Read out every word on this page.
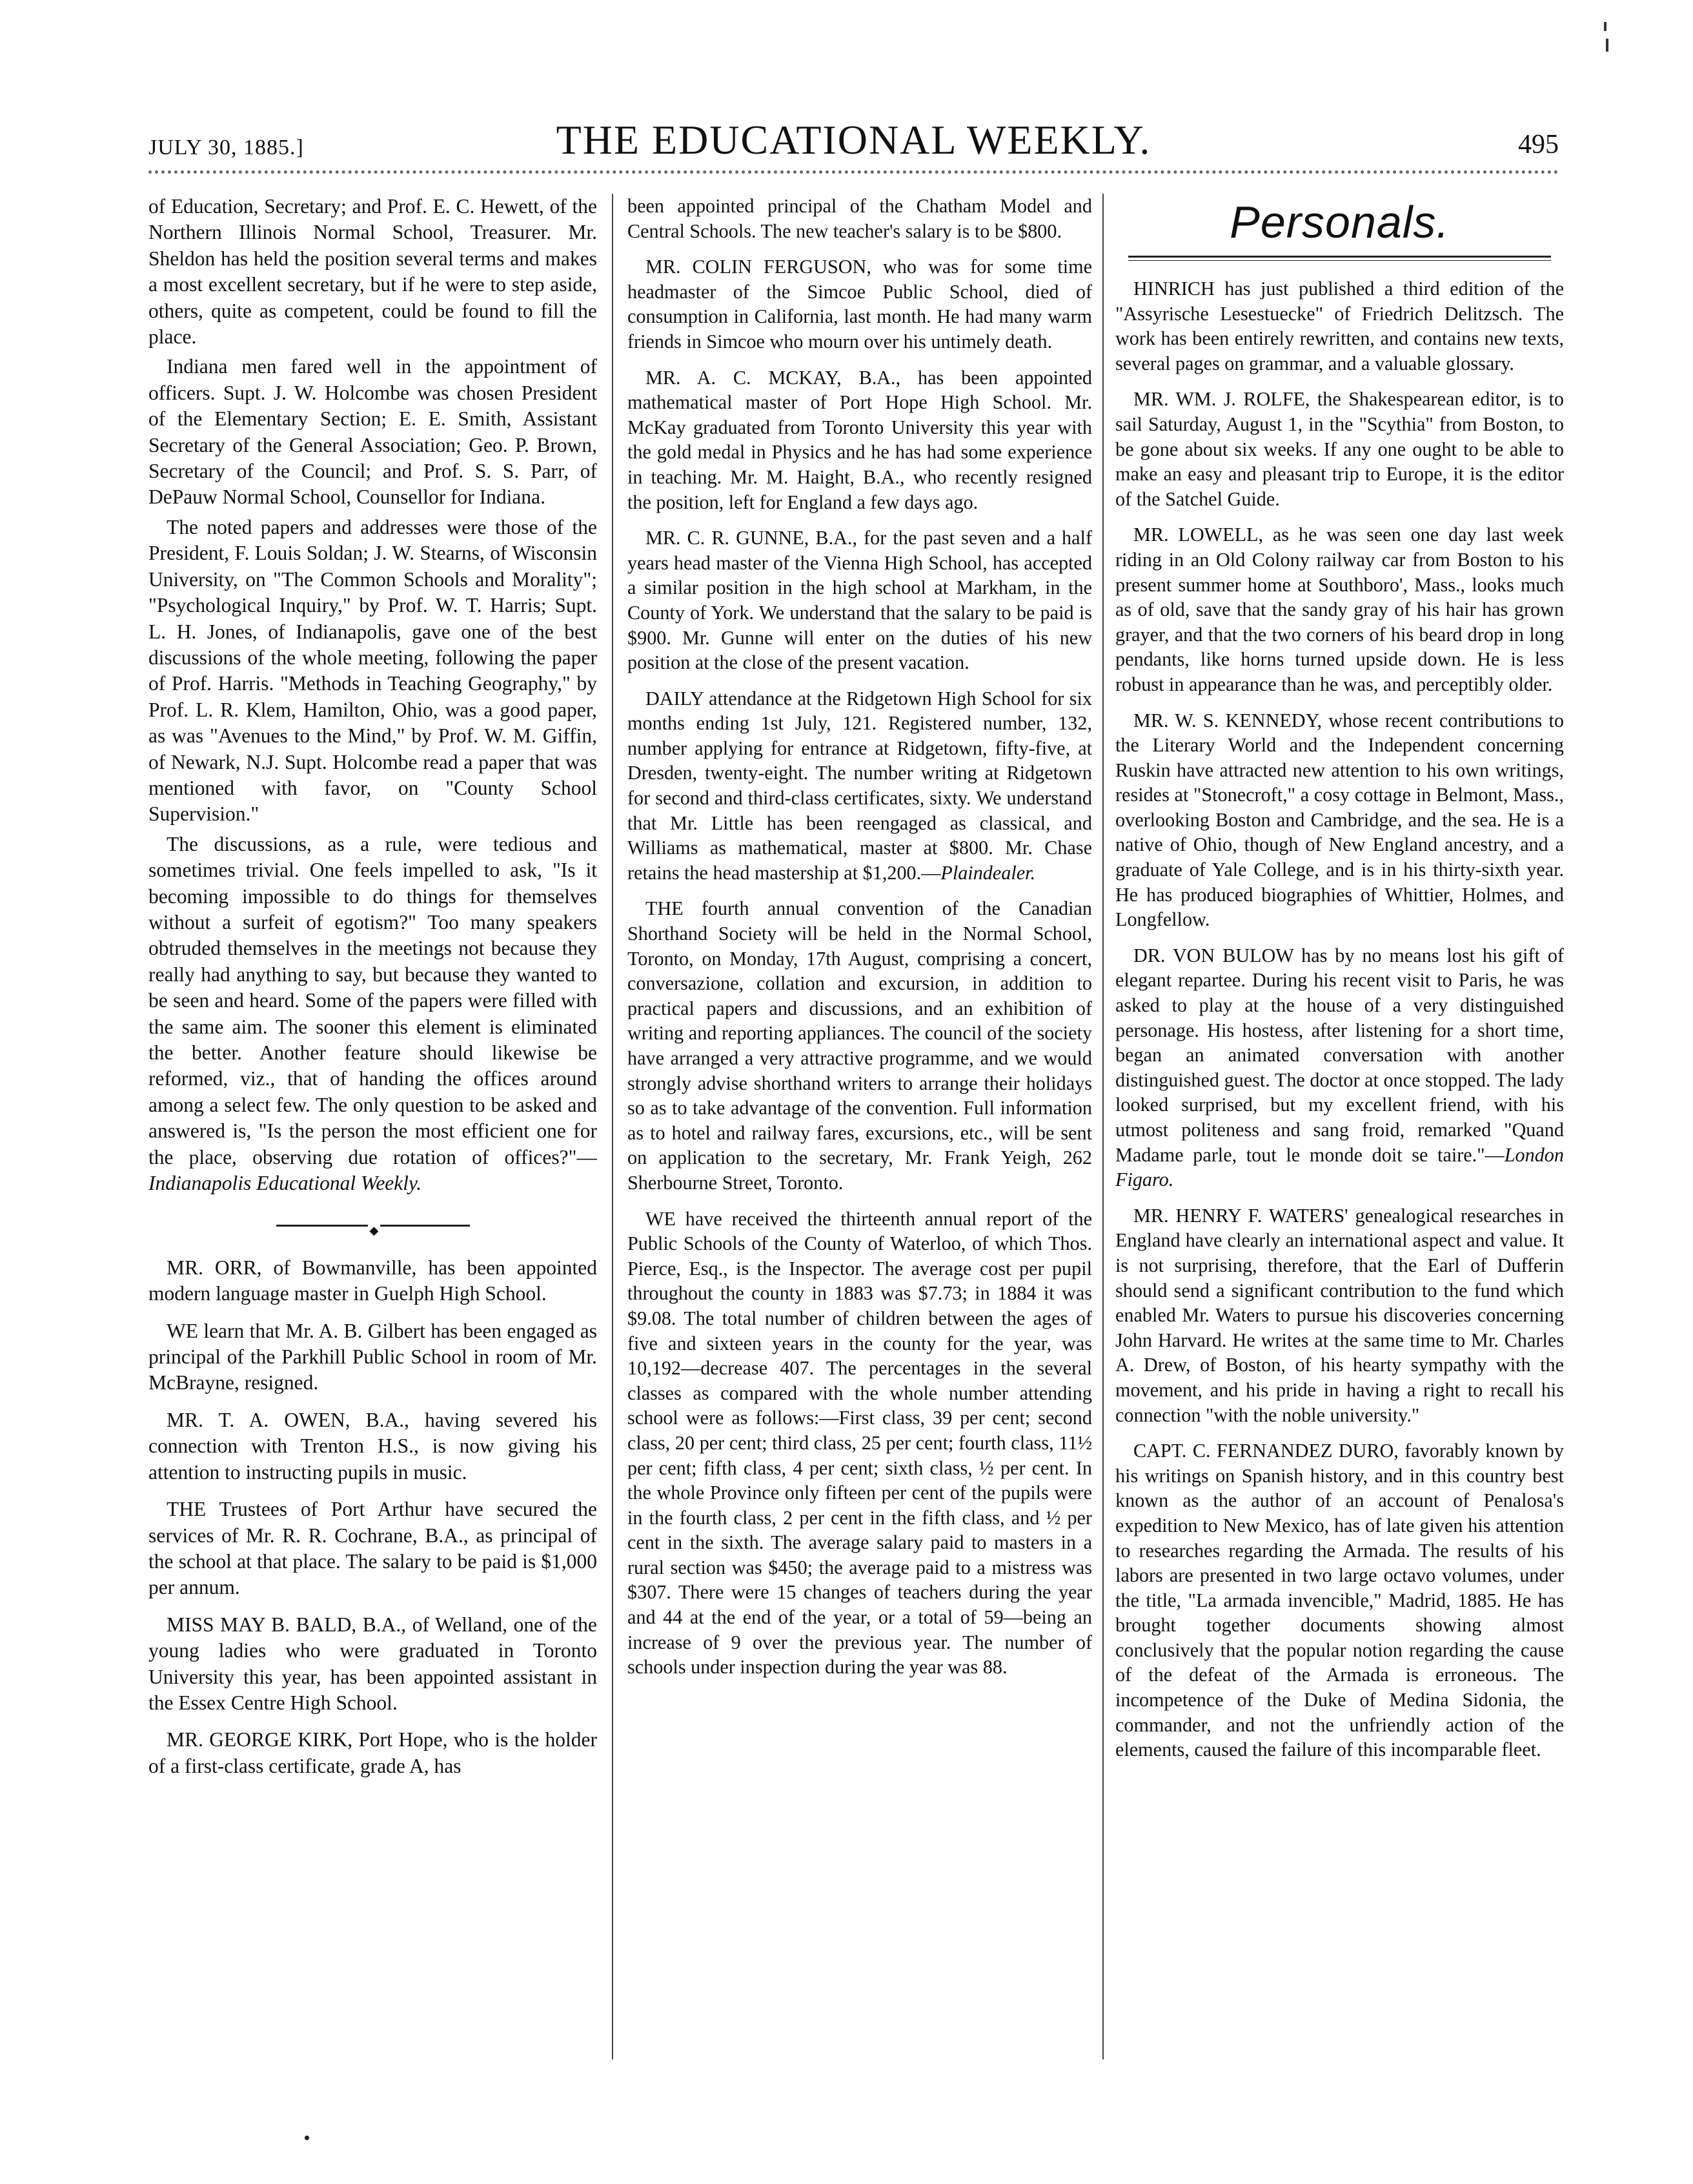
JULY 30, 1885.]	THE EDUCATIONAL WEEKLY.	495

of Education, Secretary; and Prof. E. C. Hewett, of the Northern Illinois Normal School, Treasurer. Mr. Sheldon has held the position several terms and makes a most excellent secretary, but if he were to step aside, others, quite as competent, could be found to fill the place.

Indiana men fared well in the appointment of officers. Supt. J. W. Holcombe was chosen President of the Elementary Section; E. E. Smith, Assistant Secretary of the General Association; Geo. P. Brown, Secretary of the Council; and Prof. S. S. Parr, of DePauw Normal School, Counsellor for Indiana.

The noted papers and addresses were those of the President, F. Louis Soldan; J. W. Stearns, of Wisconsin University, on "The Common Schools and Morality"; "Psychological Inquiry," by Prof. W. T. Harris; Supt. L. H. Jones, of Indianapolis, gave one of the best discussions of the whole meeting, following the paper of Prof. Harris. "Methods in Teaching Geography," by Prof. L. R. Klem, Hamilton, Ohio, was a good paper, as was "Avenues to the Mind," by Prof. W. M. Giffin, of Newark, N.J. Supt. Holcombe read a paper that was mentioned with favor, on "County School Supervision."

The discussions, as a rule, were tedious and sometimes trivial. One feels impelled to ask, "Is it becoming impossible to do things for themselves without a surfeit of egotism?" Too many speakers obtruded themselves in the meetings not because they really had anything to say, but because they wanted to be seen and heard. Some of the papers were filled with the same aim. The sooner this element is eliminated the better. Another feature should likewise be reformed, viz., that of handing the offices around among a select few. The only question to be asked and answered is, "Is the person the most efficient one for the place, observing due rotation of offices?"—Indianapolis Educational Weekly.

◆

MR. ORR, of Bowmanville, has been appointed modern language master in Guelph High School.

WE learn that Mr. A. B. Gilbert has been engaged as principal of the Parkhill Public School in room of Mr. McBrayne, resigned.

MR. T. A. OWEN, B.A., having severed his connection with Trenton H.S., is now giving his attention to instructing pupils in music.

THE Trustees of Port Arthur have secured the services of Mr. R. R. Cochrane, B.A., as principal of the school at that place. The salary to be paid is $1,000 per annum.

MISS MAY B. BALD, B.A., of Welland, one of the young ladies who were graduated in Toronto University this year, has been appointed assistant in the Essex Centre High School.

MR. GEORGE KIRK, Port Hope, who is the holder of a first-class certificate, grade A, has

been appointed principal of the Chatham Model and Central Schools. The new teacher's salary is to be $800.

MR. COLIN FERGUSON, who was for some time headmaster of the Simcoe Public School, died of consumption in California, last month. He had many warm friends in Simcoe who mourn over his untimely death.

MR. A. C. MCKAY, B.A., has been appointed mathematical master of Port Hope High School. Mr. McKay graduated from Toronto University this year with the gold medal in Physics and he has had some experience in teaching. Mr. M. Haight, B.A., who recently resigned the position, left for England a few days ago.

MR. C. R. GUNNE, B.A., for the past seven and a half years head master of the Vienna High School, has accepted a similar position in the high school at Markham, in the County of York. We understand that the salary to be paid is $900. Mr. Gunne will enter on the duties of his new position at the close of the present vacation.

DAILY attendance at the Ridgetown High School for six months ending 1st July, 121. Registered number, 132, number applying for entrance at Ridgetown, fifty-five, at Dresden, twenty-eight. The number writing at Ridgetown for second and third-class certificates, sixty. We understand that Mr. Little has been reengaged as classical, and Williams as mathematical, master at $800. Mr. Chase retains the head mastership at $1,200.—Plaindealer.

THE fourth annual convention of the Canadian Shorthand Society will be held in the Normal School, Toronto, on Monday, 17th August, comprising a concert, conversazione, collation and excursion, in addition to practical papers and discussions, and an exhibition of writing and reporting appliances. The council of the society have arranged a very attractive programme, and we would strongly advise shorthand writers to arrange their holidays so as to take advantage of the convention. Full information as to hotel and railway fares, excursions, etc., will be sent on application to the secretary, Mr. Frank Yeigh, 262 Sherbourne Street, Toronto.

WE have received the thirteenth annual report of the Public Schools of the County of Waterloo, of which Thos. Pierce, Esq., is the Inspector. The average cost per pupil throughout the county in 1883 was $7.73; in 1884 it was $9.08. The total number of children between the ages of five and sixteen years in the county for the year, was 10,192—decrease 407. The percentages in the several classes as compared with the whole number attending school were as follows:—First class, 39 per cent; second class, 20 per cent; third class, 25 per cent; fourth class, 11½ per cent; fifth class, 4 per cent; sixth class, ½ per cent. In the whole Province only fifteen per cent of the pupils were in the fourth class, 2 per cent in the fifth class, and ½ per cent in the sixth. The average salary paid to masters in a rural section was $450; the average paid to a mistress was $307. There were 15 changes of teachers during the year and 44 at the end of the year, or a total of 59—being an increase of 9 over the previous year. The number of schools under inspection during the year was 88.

Personals.

HINRICH has just published a third edition of the "Assyrische Lesestuecke" of Friedrich Delitzsch. The work has been entirely rewritten, and contains new texts, several pages on grammar, and a valuable glossary.

MR. WM. J. ROLFE, the Shakespearean editor, is to sail Saturday, August 1, in the "Scythia" from Boston, to be gone about six weeks. If any one ought to be able to make an easy and pleasant trip to Europe, it is the editor of the Satchel Guide.

MR. LOWELL, as he was seen one day last week riding in an Old Colony railway car from Boston to his present summer home at Southboro', Mass., looks much as of old, save that the sandy gray of his hair has grown grayer, and that the two corners of his beard drop in long pendants, like horns turned upside down. He is less robust in appearance than he was, and perceptibly older.

MR. W. S. KENNEDY, whose recent contributions to the Literary World and the Independent concerning Ruskin have attracted new attention to his own writings, resides at "Stonecroft," a cosy cottage in Belmont, Mass., overlooking Boston and Cambridge, and the sea. He is a native of Ohio, though of New England ancestry, and a graduate of Yale College, and is in his thirty-sixth year. He has produced biographies of Whittier, Holmes, and Longfellow.

DR. VON BULOW has by no means lost his gift of elegant repartee. During his recent visit to Paris, he was asked to play at the house of a very distinguished personage. His hostess, after listening for a short time, began an animated conversation with another distinguished guest. The doctor at once stopped. The lady looked surprised, but my excellent friend, with his utmost politeness and sang froid, remarked "Quand Madame parle, tout le monde doit se taire."—London Figaro.

MR. HENRY F. WATERS' genealogical researches in England have clearly an international aspect and value. It is not surprising, therefore, that the Earl of Dufferin should send a significant contribution to the fund which enabled Mr. Waters to pursue his discoveries concerning John Harvard. He writes at the same time to Mr. Charles A. Drew, of Boston, of his hearty sympathy with the movement, and his pride in having a right to recall his connection "with the noble university."

CAPT. C. FERNANDEZ DURO, favorably known by his writings on Spanish history, and in this country best known as the author of an account of Penalosa's expedition to New Mexico, has of late given his attention to researches regarding the Armada. The results of his labors are presented in two large octavo volumes, under the title, "La armada invencible," Madrid, 1885. He has brought together documents showing almost conclusively that the popular notion regarding the cause of the defeat of the Armada is erroneous. The incompetence of the Duke of Medina Sidonia, the commander, and not the unfriendly action of the elements, caused the failure of this incomparable fleet.
